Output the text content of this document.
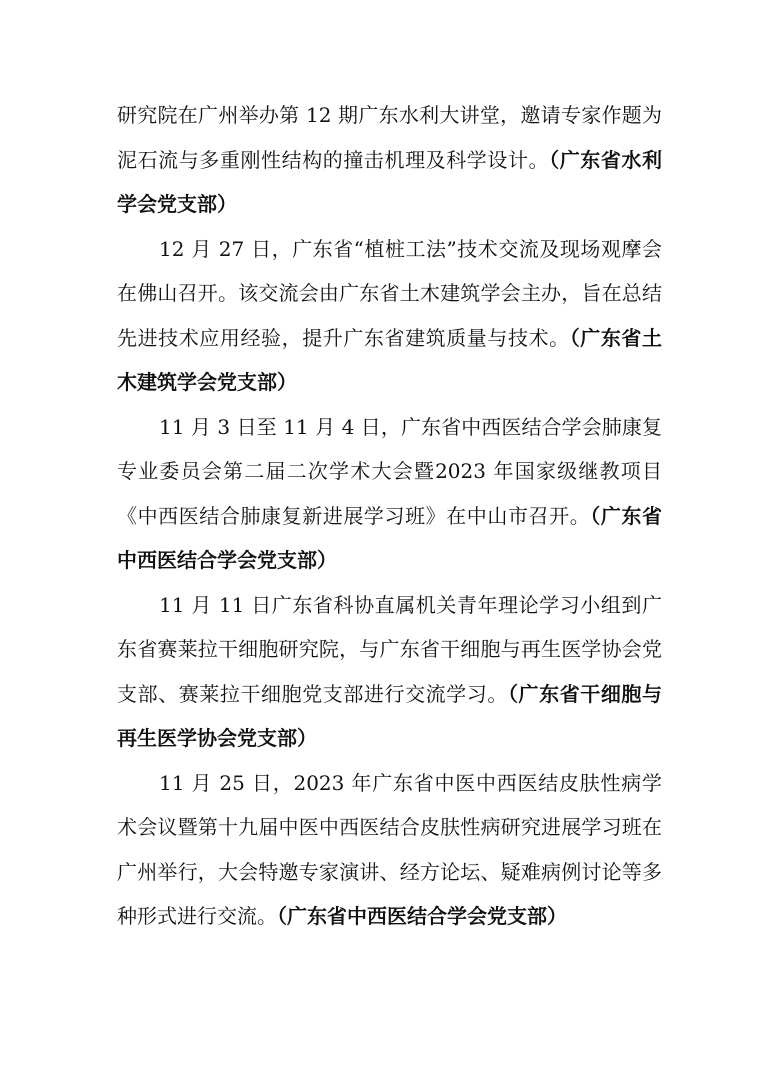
研究院在广州举办第 12 期广东水利大讲堂，邀请专家作题为泥石流与多重刚性结构的撞击机理及科学设计。（广东省水利学会党支部）

12 月 27 日，广东省“植桩工法”技术交流及现场观摩会在佛山召开。该交流会由广东省土木建筑学会主办，旨在总结先进技术应用经验，提升广东省建筑质量与技术。（广东省土木建筑学会党支部）

11 月 3 日至 11 月 4 日，广东省中西医结合学会肺康复专业委员会第二届二次学术大会暨2023 年国家级继教项目《中西医结合肺康复新进展学习班》在中山市召开。（广东省中西医结合学会党支部）

11 月 11 日广东省科协直属机关青年理论学习小组到广东省赛莱拉干细胞研究院，与广东省干细胞与再生医学协会党支部、赛莱拉干细胞党支部进行交流学习。（广东省干细胞与再生医学协会党支部）

11 月 25 日，2023 年广东省中医中西医结皮肤性病学术会议暨第十九届中医中西医结合皮肤性病研究进展学习班在广州举行，大会特邀专家演讲、经方论坛、疑难病例讨论等多种形式进行交流。（广东省中西医结合学会党支部）
